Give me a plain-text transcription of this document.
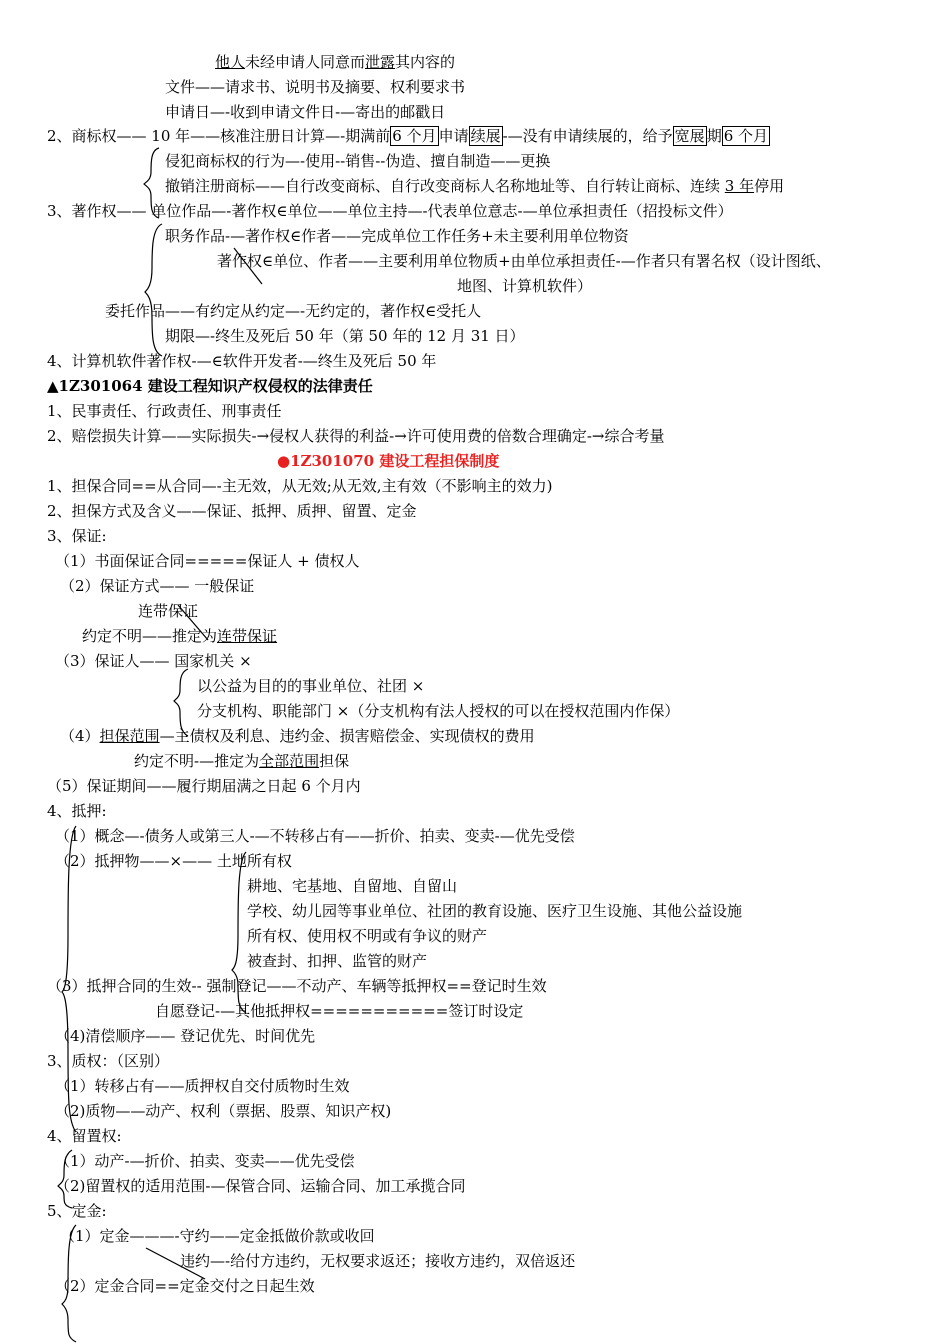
他人未经申请人同意而泄露其内容的
文件——请求书、说明书及摘要、权利要求书
申请日—-收到申请文件日-—寄出的邮戳日
2、商标权—— 10 年——核准注册日计算—-期满前 6 个月 申请 续展 -—没有申请续展的，给予 宽展 期 6 个月
侵犯商标权的行为—-使用--销售--伪造、擅自制造——更换
撤销注册商标——自行改变商标、自行改变商标人名称地址等、自行转让商标、连续 3 年停用
3、著作权—— 单位作品—-著作权∈单位——单位主持—-代表单位意志-—单位承担责任（招投标文件）
职务作品-—著作权∈作者——完成单位工作任务+未主要利用单位物资
著作权∈单位、作者——主要利用单位物质+由单位承担责任-—作者只有署名权（设计图纸、
地图、计算机软件）
委托作品——有约定从约定—-无约定的，著作权∈受托人
期限—-终生及死后 50 年（第 50 年的 12 月 31 日）
4、计算机软件著作权-—∈软件开发者-—终生及死后 50 年
▲1Z301064 建设工程知识产权侵权的法律责任
1、民事责任、行政责任、刑事责任
2、赔偿损失计算——实际损失-→侵权人获得的利益-→许可使用费的倍数合理确定-→综合考量
●1Z301070 建设工程担保制度
1、担保合同==从合同—-主无效，从无效;从无效,主有效（不影响主的效力)
2、担保方式及含义——保证、抵押、质押、留置、定金
3、保证:
（1）书面保证合同=====保证人 + 债权人
（2）保证方式—— 一般保证
连带保证
约定不明——推定为连带保证
（3）保证人—— 国家机关 ×
以公益为目的的事业单位、社团 ×
分支机构、职能部门 ×（分支机构有法人授权的可以在授权范围内作保）
（4）担保范围—主债权及利息、违约金、损害赔偿金、实现债权的费用
约定不明-—推定为全部范围担保
（5）保证期间——履行期届满之日起 6 个月内
4、抵押:
（1）概念—-债务人或第三人-—不转移占有——折价、拍卖、变卖-—优先受偿
（2）抵押物——×—— 土地所有权
耕地、宅基地、自留地、自留山
学校、幼儿园等事业单位、社团的教育设施、医疗卫生设施、其他公益设施
所有权、使用权不明或有争议的财产
被查封、扣押、监管的财产
（3）抵押合同的生效-- 强制登记——不动产、车辆等抵押权==登记时生效
自愿登记-—其他抵押权===========签订时设定
（4)清偿顺序—— 登记优先、时间优先
3、质权：（区别）
（1）转移占有——质押权自交付质物时生效
（2)质物——动产、权利（票据、股票、知识产权)
4、留置权:
（1）动产-—折价、拍卖、变卖——优先受偿
（2)留置权的适用范围-—保管合同、运输合同、加工承揽合同
5、定金:
（1）定金———-守约——定金抵做价款或收回
违约—-给付方违约，无权要求返还；接收方违约，双倍返还
（2）定金合同==定金交付之日起生效
